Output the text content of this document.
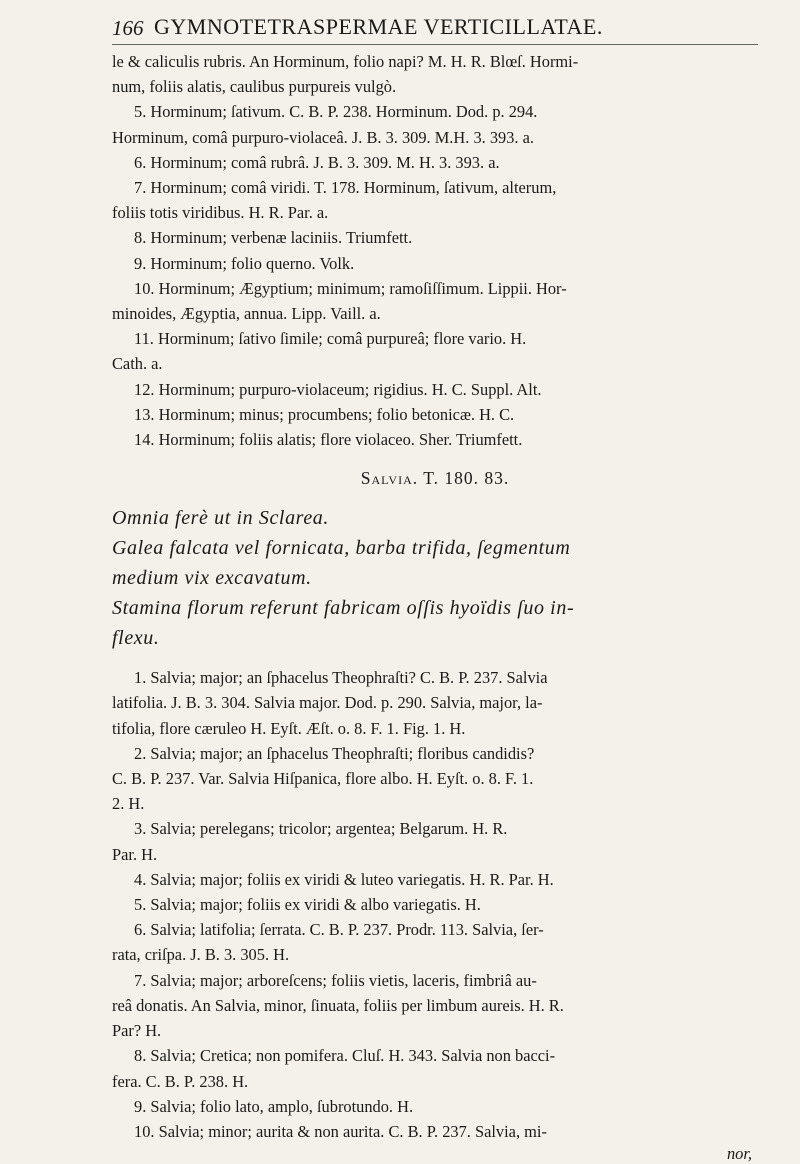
166 GYMNOTETRASPERMAE VERTICILLATAE.

le & caliculis rubris. An Horminum, folio napi? M. H. R. Blœſ. Hormi-

num, foliis alatis, caulibus purpureis vulgò.

5. Horminum; ſativum. C. B. P. 238. Horminum. Dod. p. 294.

Horminum, comâ purpuro-violaceâ. J. B. 3. 309. M.H. 3. 393. a.

6. Horminum; comâ rubrâ. J. B. 3. 309. M. H. 3. 393. a.

7. Horminum; comâ viridi. T. 178. Horminum, ſativum, alterum,

foliis totis viridibus. H. R. Par. a.

8. Horminum; verbenæ laciniis. Triumfett.

9. Horminum; folio querno. Volk.

10. Horminum; Ægyptium; minimum; ramoſiſſimum. Lippii. Hor-

minoides, Ægyptia, annua. Lipp. Vaill. a.

11. Horminum; ſativo ſimile; comâ purpureâ; flore vario. H.

Cath. a.

12. Horminum; purpuro-violaceum; rigidius. H. C. Suppl. Alt.

13. Horminum; minus; procumbens; folio betonicæ. H. C.

14. Horminum; foliis alatis; flore violaceo. Sher. Triumfett.

Salvia. T. 180. 83.

Omnia ferè ut in Sclarea.

Galea falcata vel fornicata, barba trifida, ſegmentum

medium vix excavatum.

Stamina florum referunt fabricam oſſis hyoïdis ſuo in-

flexu.

1. Salvia; major; an ſphacelus Theophraſti? C. B. P. 237. Salvia

latifolia. J. B. 3. 304. Salvia major. Dod. p. 290. Salvia, major, la-

tifolia, flore cæruleo H. Eyſt. Æſt. o. 8. F. 1. Fig. 1. H.

2. Salvia; major; an ſphacelus Theophraſti; floribus candidis?

C. B. P. 237. Var. Salvia Hiſpanica, flore albo. H. Eyſt. o. 8. F. 1.

2. H.

3. Salvia; perelegans; tricolor; argentea; Belgarum. H. R.

Par. H.

4. Salvia; major; foliis ex viridi & luteo variegatis. H. R. Par. H.

5. Salvia; major; foliis ex viridi & albo variegatis. H.

6. Salvia; latifolia; ſerrata. C. B. P. 237. Prodr. 113. Salvia, ſer-

rata, criſpa. J. B. 3. 305. H.

7. Salvia; major; arboreſcens; foliis vietis, laceris, fimbriâ au-

reâ donatis. An Salvia, minor, ſinuata, foliis per limbum aureis. H. R.

Par? H.

8. Salvia; Cretica; non pomifera. Cluſ. H. 343. Salvia non bacci-

fera. C. B. P. 238. H.

9. Salvia; folio lato, amplo, ſubrotundo. H.

10. Salvia; minor; aurita & non aurita. C. B. P. 237. Salvia, mi-

nor,
